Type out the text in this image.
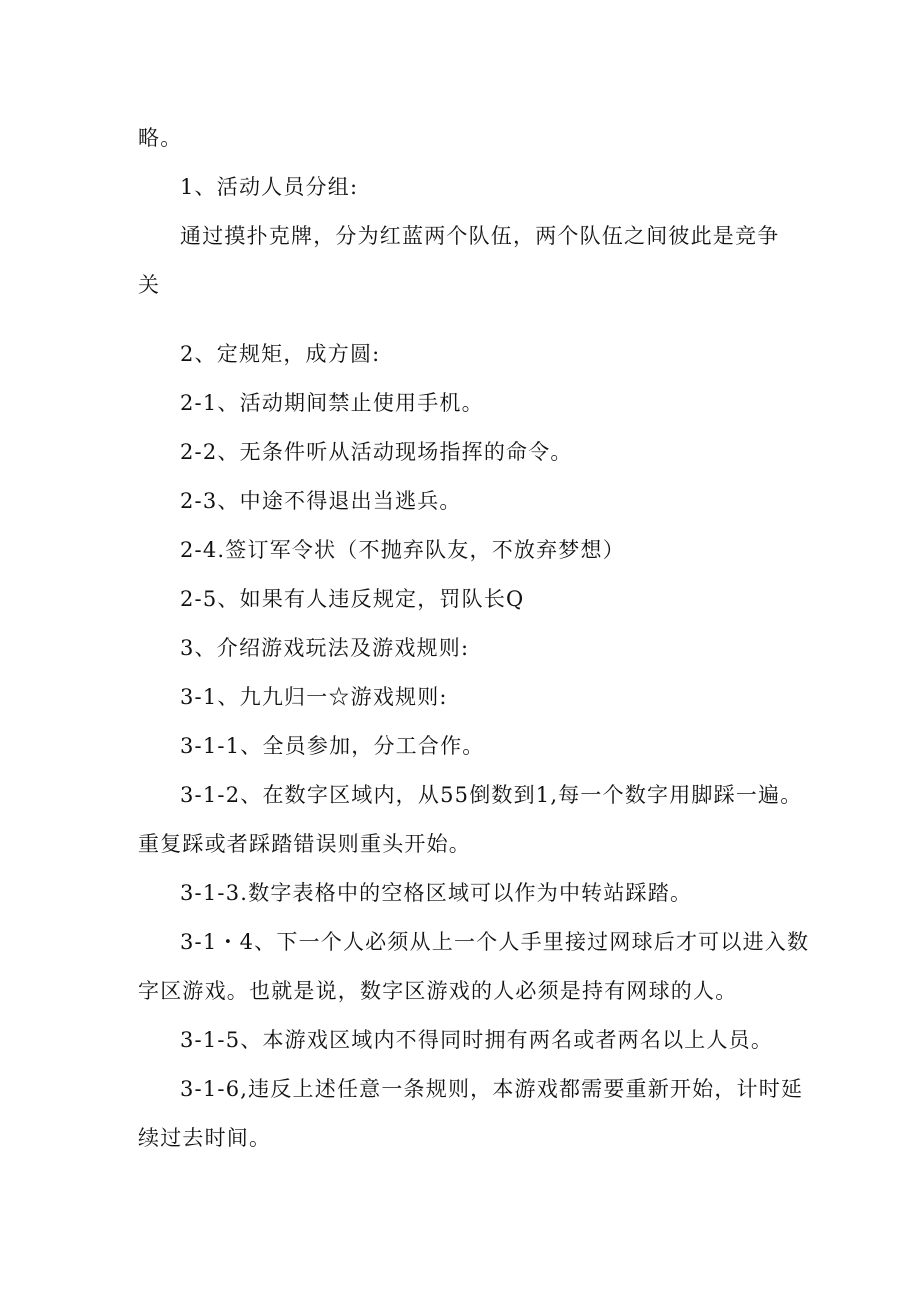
略。
1、活动人员分组:
通过摸扑克牌，分为红蓝两个队伍，两个队伍之间彼此是竞争
关
2、定规矩，成方圆:
2-1、活动期间禁止使用手机。
2-2、无条件听从活动现场指挥的命令。
2-3、中途不得退出当逃兵。
2-4.签订军令状（不抛弃队友，不放弃梦想）
2-5、如果有人违反规定，罚队长Q
3、介绍游戏玩法及游戏规则:
3-1、九九归一☆游戏规则:
3-1-1、全员参加，分工合作。
3-1-2、在数字区域内，从55倒数到1,每一个数字用脚踩一遍。
重复踩或者踩踏错误则重头开始。
3-1-3.数字表格中的空格区域可以作为中转站踩踏。
3-1・4、下一个人必须从上一个人手里接过网球后才可以进入数
字区游戏。也就是说，数字区游戏的人必须是持有网球的人。
3-1-5、本游戏区域内不得同时拥有两名或者两名以上人员。
3-1-6,违反上述任意一条规则，本游戏都需要重新开始，计时延
续过去时间。
